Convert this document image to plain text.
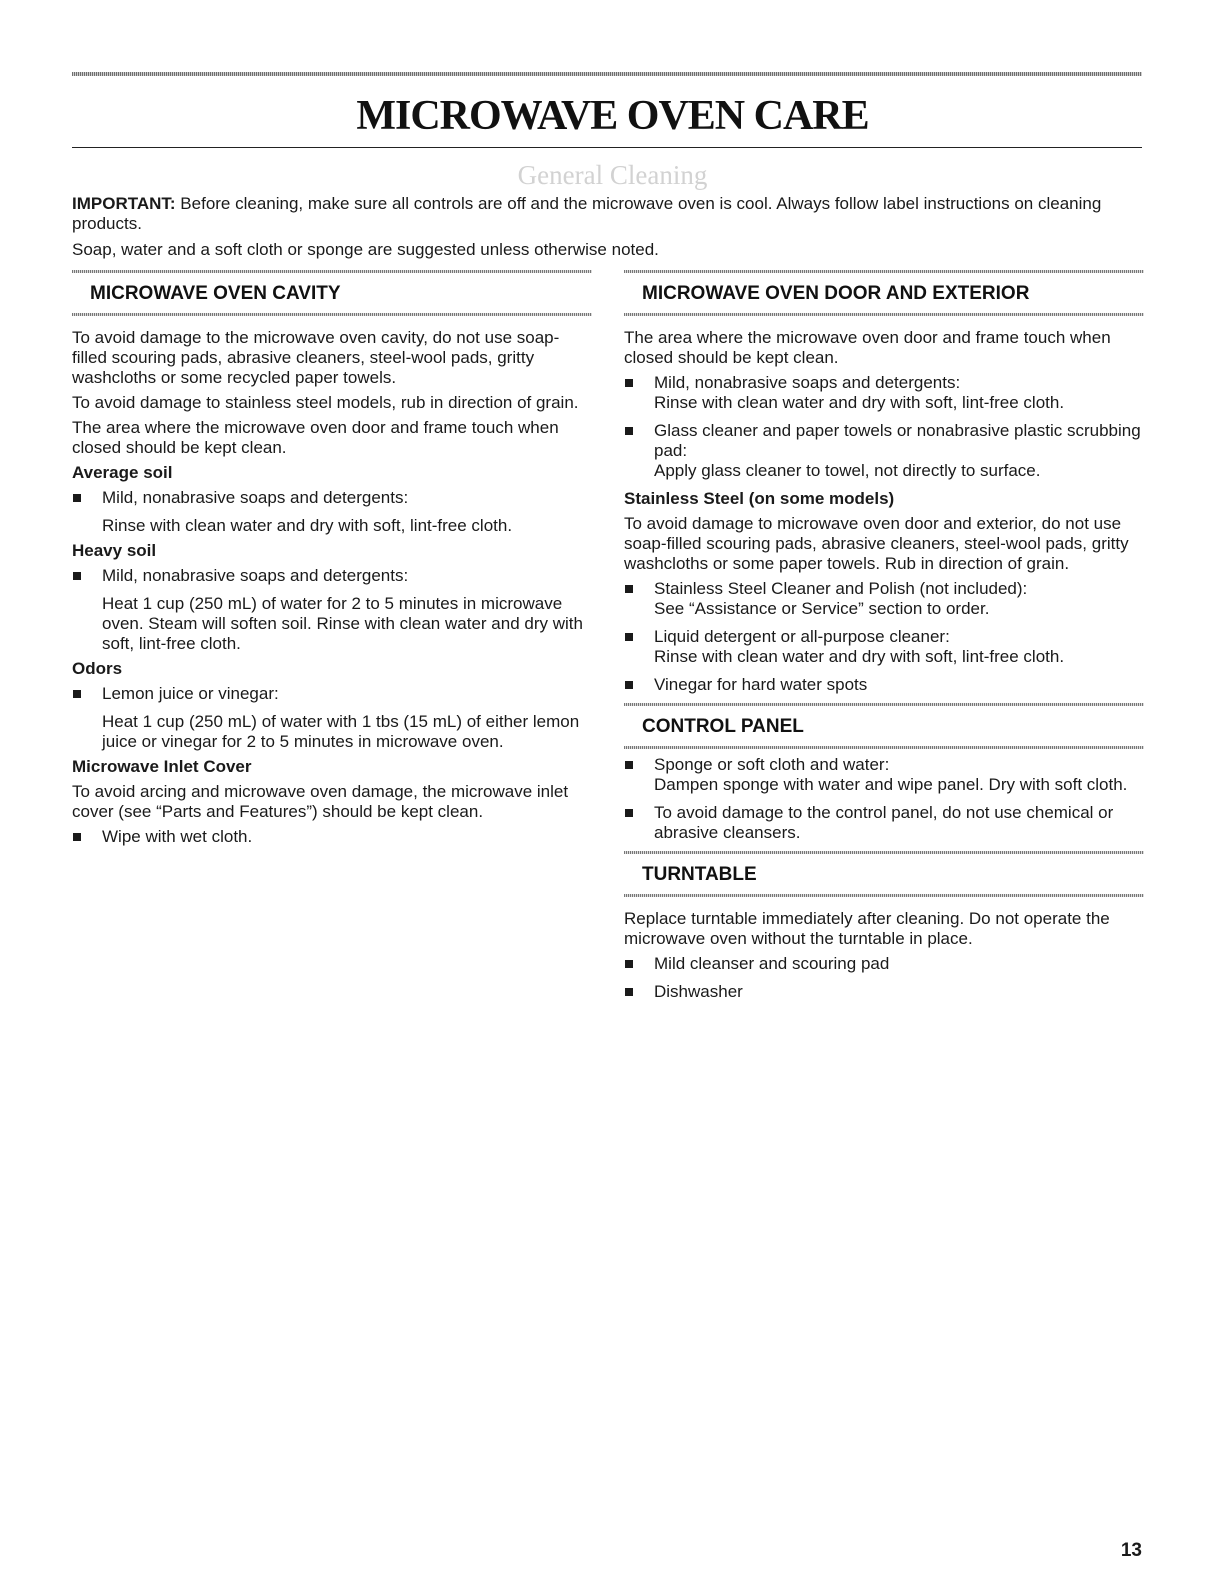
MICROWAVE OVEN CARE
General Cleaning

IMPORTANT: Before cleaning, make sure all controls are off and the microwave oven is cool. Always follow label instructions on cleaning products.

Soap, water and a soft cloth or sponge are suggested unless otherwise noted.

MICROWAVE OVEN CAVITY

To avoid damage to the microwave oven cavity, do not use soap-filled scouring pads, abrasive cleaners, steel-wool pads, gritty washcloths or some recycled paper towels.

To avoid damage to stainless steel models, rub in direction of grain.

The area where the microwave oven door and frame touch when closed should be kept clean.

Average soil
Mild, nonabrasive soaps and detergents:

Rinse with clean water and dry with soft, lint-free cloth.

Heavy soil
Mild, nonabrasive soaps and detergents:

Heat 1 cup (250 mL) of water for 2 to 5 minutes in microwave oven. Steam will soften soil. Rinse with clean water and dry with soft, lint-free cloth.

Odors
Lemon juice or vinegar:

Heat 1 cup (250 mL) of water with 1 tbs (15 mL) of either lemon juice or vinegar for 2 to 5 minutes in microwave oven.

Microwave Inlet Cover

To avoid arcing and microwave oven damage, the microwave inlet cover (see “Parts and Features”) should be kept clean.

Wipe with wet cloth.
MICROWAVE OVEN DOOR AND EXTERIOR

The area where the microwave oven door and frame touch when closed should be kept clean.

Mild, nonabrasive soaps and detergents:
Rinse with clean water and dry with soft, lint-free cloth.
Glass cleaner and paper towels or nonabrasive plastic scrubbing pad:
Apply glass cleaner to towel, not directly to surface.
Stainless Steel (on some models)

To avoid damage to microwave oven door and exterior, do not use soap-filled scouring pads, abrasive cleaners, steel-wool pads, gritty washcloths or some paper towels. Rub in direction of grain.

Stainless Steel Cleaner and Polish (not included):
See “Assistance or Service” section to order.
Liquid detergent or all-purpose cleaner:
Rinse with clean water and dry with soft, lint-free cloth.
Vinegar for hard water spots
CONTROL PANEL
Sponge or soft cloth and water:
Dampen sponge with water and wipe panel. Dry with soft cloth.
To avoid damage to the control panel, do not use chemical or abrasive cleansers.
TURNTABLE

Replace turntable immediately after cleaning. Do not operate the microwave oven without the turntable in place.

Mild cleanser and scouring pad
Dishwasher
13
